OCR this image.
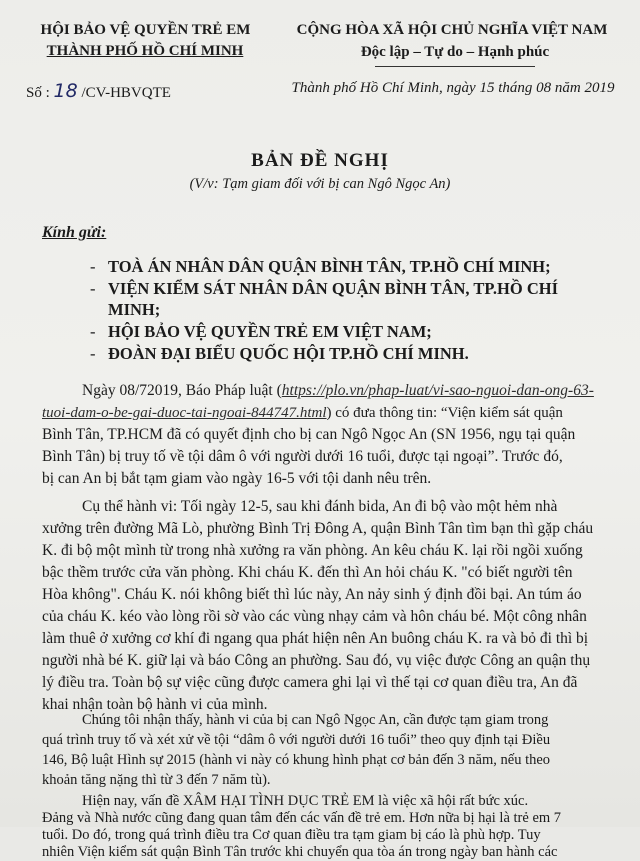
HỘI BẢO VỆ QUYỀN TRẺ EM
THÀNH PHỐ HỒ CHÍ MINH
Số : 18 /CV-HBVQTE
CỘNG HÒA XÃ HỘI CHỦ NGHĨA VIỆT NAM
Độc lập – Tự do – Hạnh phúc
Thành phố Hồ Chí Minh, ngày 15 tháng 08 năm 2019
BẢN ĐỀ NGHỊ
(V/v: Tạm giam đối với bị can Ngô Ngọc An)
Kính gửi:
- TOÀ ÁN NHÂN DÂN QUẬN BÌNH TÂN, TP.HỒ CHÍ MINH;
- VIỆN KIỂM SÁT NHÂN DÂN QUẬN BÌNH TÂN, TP.HỒ CHÍ
MINH;
- HỘI BẢO VỆ QUYỀN TRẺ EM VIỆT NAM;
- ĐOÀN ĐẠI BIỂU QUỐC HỘI TP.HỒ CHÍ MINH.
Ngày 08/72019, Báo Pháp luật (https://plo.vn/phap-luat/vi-sao-nguoi-dan-ong-63-
tuoi-dam-o-be-gai-duoc-tai-ngoai-844747.html) có đưa thông tin: “Viện kiểm sát quận
Bình Tân, TP.HCM đã có quyết định cho bị can Ngô Ngọc An (SN 1956, ngụ tại quận
Bình Tân) bị truy tố về tội dâm ô với người dưới 16 tuổi, được tại ngoại”. Trước đó,
bị can An bị bắt tạm giam vào ngày 16-5 với tội danh nêu trên.
Cụ thể hành vi: Tối ngày 12-5, sau khi đánh bida, An đi bộ vào một hẻm nhà
xưởng trên đường Mã Lò, phường Bình Trị Đông A, quận Bình Tân tìm bạn thì gặp cháu
K. đi bộ một mình từ trong nhà xưởng ra văn phòng. An kêu cháu K. lại rồi ngồi xuống
bậc thềm trước cửa văn phòng. Khi cháu K. đến thì An hỏi cháu K. "có biết người tên
Hòa không". Cháu K. nói không biết thì lúc này, An nảy sinh ý định đồi bại. An túm áo
của cháu K. kéo vào lòng rồi sờ vào các vùng nhạy cảm và hôn cháu bé. Một công nhân
làm thuê ở xưởng cơ khí đi ngang qua phát hiện nên An buông cháu K. ra và bỏ đi thì bị
người nhà bé K. giữ lại và báo Công an phường. Sau đó, vụ việc được Công an quận thụ
lý điều tra. Toàn bộ sự việc cũng được camera ghi lại vì thế tại cơ quan điều tra, An đã
khai nhận toàn bộ hành vi của mình.
Chúng tôi nhận thấy, hành vi của bị can Ngô Ngọc An, cần được tạm giam trong
quá trình truy tố và xét xử về tội “dâm ô với người dưới 16 tuổi” theo quy định tại Điều
146, Bộ luật Hình sự 2015 (hành vi này có khung hình phạt cơ bản đến 3 năm, nếu theo
khoản tăng nặng thì từ 3 đến 7 năm tù).
Hiện nay, vấn đề XÂM HẠI TÌNH DỤC TRẺ EM là việc xã hội rất bức xúc.
Đảng và Nhà nước cũng đang quan tâm đến các vấn đề trẻ em. Hơn nữa bị hại là trẻ em 7
tuổi. Do đó, trong quá trình điều tra Cơ quan điều tra tạm giam bị cáo là phù hợp. Tuy
nhiên Viện kiểm sát quận Bình Tân trước khi chuyển qua tòa án trong ngày ban hành các
